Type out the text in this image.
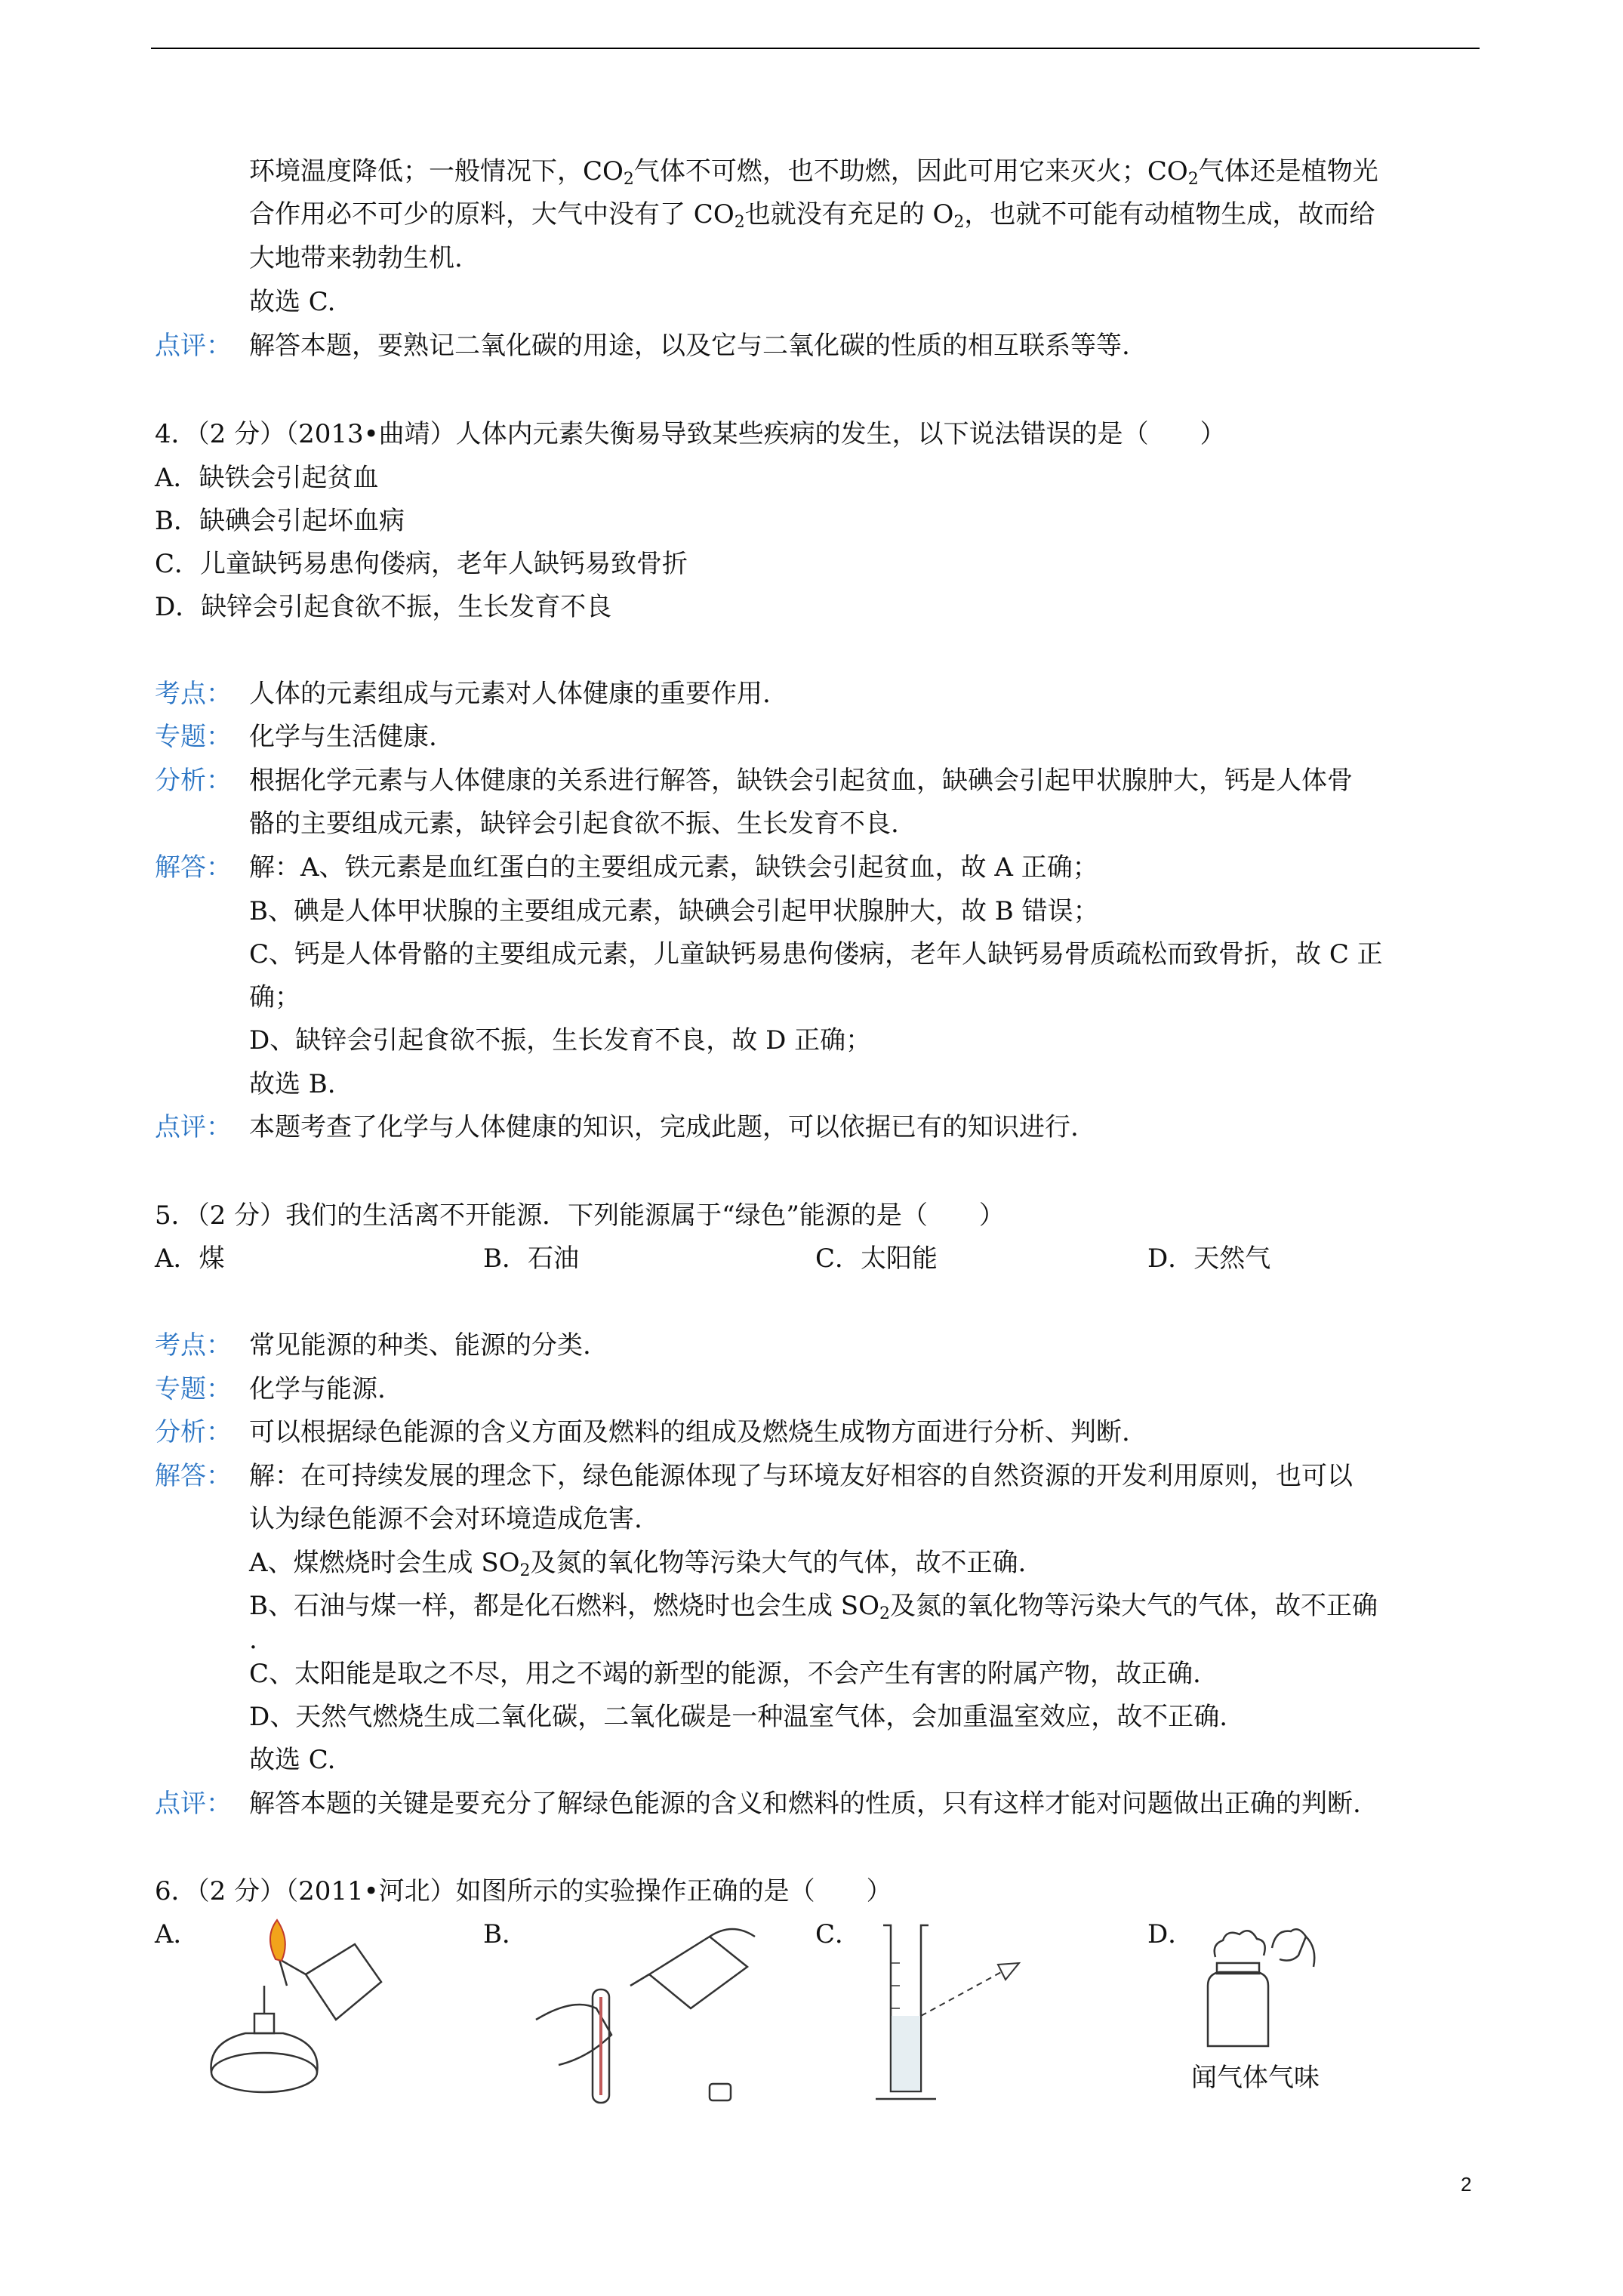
环境温度降低；一般情况下，$CO_2$气体不可燃，也不助燃，因此可用它来灭火；$CO_2$气体还是植物光
合作用必不可少的原料，大气中没有了 $CO_2$也就没有充足的 $O_2$，也就不可能有动植物生成，故而给
大地带来勃勃生机.
故选 C.
点评： 解答本题，要熟记二氧化碳的用途，以及它与二氧化碳的性质的相互联系等等.
4．（2 分）（2013•曲靖）人体内元素失衡易导致某些疾病的发生，以下说法错误的是（　　）
A．缺铁会引起贫血
B．缺碘会引起坏血病
C．儿童缺钙易患佝偻病，老年人缺钙易致骨折
D．缺锌会引起食欲不振，生长发育不良
考点： 人体的元素组成与元素对人体健康的重要作用.
专题： 化学与生活健康.
分析： 根据化学元素与人体健康的关系进行解答，缺铁会引起贫血，缺碘会引起甲状腺肿大，钙是人体骨
骼的主要组成元素，缺锌会引起食欲不振、生长发育不良.
解答： 解：A、铁元素是血红蛋白的主要组成元素，缺铁会引起贫血，故 A 正确；
B、碘是人体甲状腺的主要组成元素，缺碘会引起甲状腺肿大，故 B 错误；
C、钙是人体骨骼的主要组成元素，儿童缺钙易患佝偻病，老年人缺钙易骨质疏松而致骨折，故 C 正
确；
D、缺锌会引起食欲不振，生长发育不良，故 D 正确；
故选 B.
点评： 本题考查了化学与人体健康的知识，完成此题，可以依据已有的知识进行.
5．（2 分）我们的生活离不开能源．下列能源属于“绿色”能源的是（　　）
A．煤	B．石油	C．太阳能	D．天然气
考点： 常见能源的种类、能源的分类.
专题： 化学与能源.
分析： 可以根据绿色能源的含义方面及燃料的组成及燃烧生成物方面进行分析、判断.
解答： 解：在可持续发展的理念下，绿色能源体现了与环境友好相容的自然资源的开发利用原则，也可以
认为绿色能源不会对环境造成危害.
A、煤燃烧时会生成 $SO_2$及氮的氧化物等污染大气的气体，故不正确.
B、石油与煤一样，都是化石燃料，燃烧时也会生成 $SO_2$及氮的氧化物等污染大气的气体，故不正确
.
C、太阳能是取之不尽，用之不竭的新型的能源，不会产生有害的附属产物，故正确.
D、天然气燃烧生成二氧化碳，二氧化碳是一种温室气体，会加重温室效应，故不正确.
故选 C.
点评： 解答本题的关键是要充分了解绿色能源的含义和燃料的性质，只有这样才能对问题做出正确的判断.
6．（2 分）（2011•河北）如图所示的实验操作正确的是（　　）
A．	B．	C．	D．
闻气体气味
2
